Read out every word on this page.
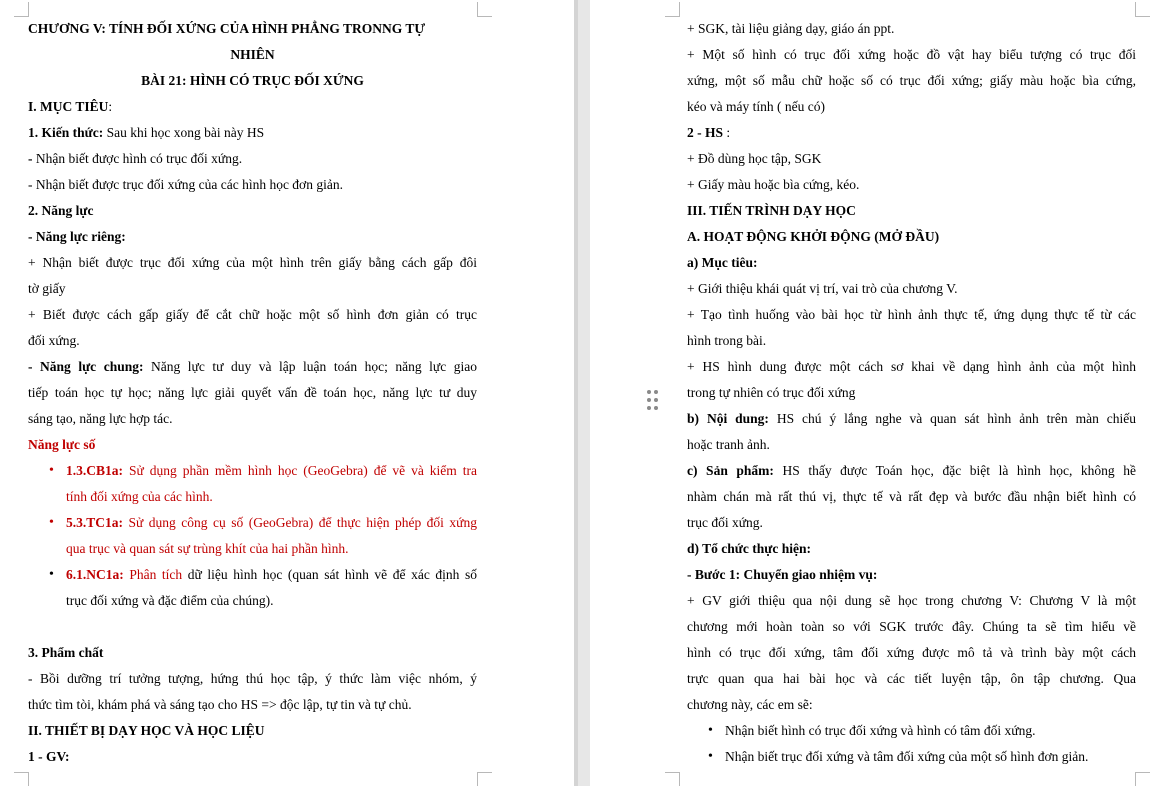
CHƯƠNG V: TÍNH ĐỐI XỨNG CỦA HÌNH PHẲNG TRONNG TỰ
NHIÊN
BÀI 21: HÌNH CÓ TRỤC ĐỐI XỨNG
I. MỤC TIÊU:
1. Kiến thức: Sau khi học xong bài này HS
- Nhận biết được hình có trục đối xứng.
- Nhận biết được trục đối xứng của các hình học đơn giản.
2. Năng lực
- Năng lực riêng:
+ Nhận biết được trục đối xứng của một hình trên giấy bằng cách gấp đôi
tờ giấy
+ Biết được cách gấp giấy để cắt chữ hoặc một số hình đơn giản có trục
đối xứng.
- Năng lực chung: Năng lực tư duy và lập luận toán học; năng lực giao
tiếp toán học tự học; năng lực giải quyết vấn đề toán học, năng lực tư duy
sáng tạo, năng lực hợp tác.
Năng lực số
• 1.3.CB1a: Sử dụng phần mềm hình học (GeoGebra) để vẽ và kiểm tra
tính đối xứng của các hình.
• 5.3.TC1a: Sử dụng công cụ số (GeoGebra) để thực hiện phép đối xứng
qua trục và quan sát sự trùng khít của hai phần hình.
• 6.1.NC1a: Phân tích dữ liệu hình học (quan sát hình vẽ để xác định số
trục đối xứng và đặc điểm của chúng).
3. Phẩm chất
- Bồi dưỡng trí tưởng tượng, hứng thú học tập, ý thức làm việc nhóm, ý
thức tìm tòi, khám phá và sáng tạo cho HS => độc lập, tự tin và tự chủ.
II. THIẾT BỊ DẠY HỌC VÀ HỌC LIỆU
1 - GV:
+ SGK, tài liệu giảng dạy, giáo án ppt.
+ Một số hình có trục đối xứng hoặc đồ vật hay biểu tượng có trục đối
xứng, một số mẫu chữ hoặc số có trục đối xứng; giấy màu hoặc bìa cứng,
kéo và máy tính ( nếu có)
2 - HS :
+ Đồ dùng học tập, SGK
+ Giấy màu hoặc bìa cứng, kéo.
III. TIẾN TRÌNH DẠY HỌC
A. HOẠT ĐỘNG KHỞI ĐỘNG (MỞ ĐẦU)
a) Mục tiêu:
+ Giới thiệu khái quát vị trí, vai trò của chương V.
+ Tạo tình huống vào bài học từ hình ảnh thực tế, ứng dụng thực tế từ các
hình trong bài.
+ HS hình dung được một cách sơ khai về dạng hình ảnh của một hình
trong tự nhiên có trục đối xứng
b) Nội dung: HS chú ý lắng nghe và quan sát hình ảnh trên màn chiếu
hoặc tranh ảnh.
c) Sản phẩm: HS thấy được Toán học, đặc biệt là hình học, không hề
nhàm chán mà rất thú vị, thực tế và rất đẹp và bước đầu nhận biết hình có
trục đối xứng.
d) Tổ chức thực hiện:
- Bước 1: Chuyển giao nhiệm vụ:
+ GV giới thiệu qua nội dung sẽ học trong chương V: Chương V là một
chương mới hoàn toàn so với SGK trước đây. Chúng ta sẽ tìm hiểu về
hình có trục đối xứng, tâm đối xứng được mô tả và trình bày một cách
trực quan qua hai bài học và các tiết luyện tập, ôn tập chương. Qua
chương này, các em sẽ:
• Nhận biết hình có trục đối xứng và hình có tâm đối xứng.
• Nhận biết trục đối xứng và tâm đối xứng của một số hình đơn giản.
